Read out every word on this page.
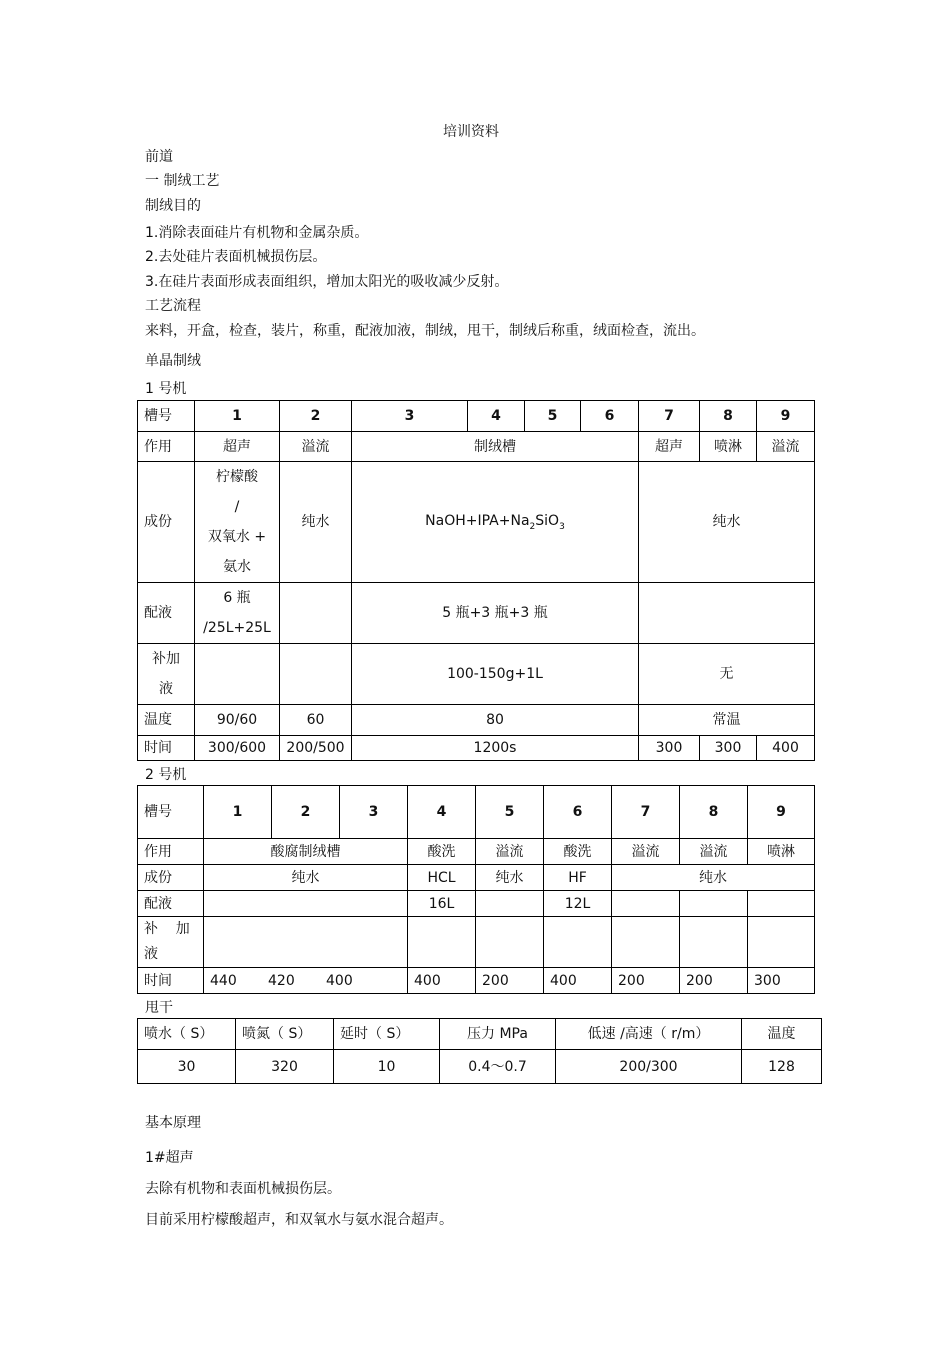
培训资料
前道
一 制绒工艺
制绒目的
1.消除表面硅片有机物和金属杂质。
2.去处硅片表面机械损伤层。
3.在硅片表面形成表面组织，增加太阳光的吸收减少反射。
工艺流程
来料，开盒，检查，装片，称重，配液加液，制绒，甩干，制绒后称重，绒面检查，流出。
单晶制绒
1 号机
槽号	1	2	3	4	5	6	7	8	9
作用	超声	溢流	制绒槽				超声	喷淋	溢流
成份	柠檬酸
/
双氧水 +
氨水	纯水	$NaOH+IPA+Na_2SiO_3$				纯水		
配液	6 瓶
/25L+25L		5 瓶+3 瓶+3 瓶						

补加
液			100-150g+1L				无		
温度	90/60	60	80				常温		
时间	300/600	200/500	1200s				300	300	400
2 号机
槽号	1	2	3	4	5	6	7	8	9
作用	酸腐制绒槽			酸洗	溢流	酸洗	溢流	溢流	喷淋
成份	纯水			HCL	纯水	HF	纯水		
配液				16L		12L			

补    加
液									

时间	440 420 400			400	200	400	200	200	300
甩干
喷水（ S）	喷氮（ S）	延时（ S）	压力 MPa	低速 /高速（ r/m）	温度
30	320	10	0.4～0.7	200/300	128
基本原理
1#超声
去除有机物和表面机械损伤层。
目前采用柠檬酸超声，和双氧水与氨水混合超声。
